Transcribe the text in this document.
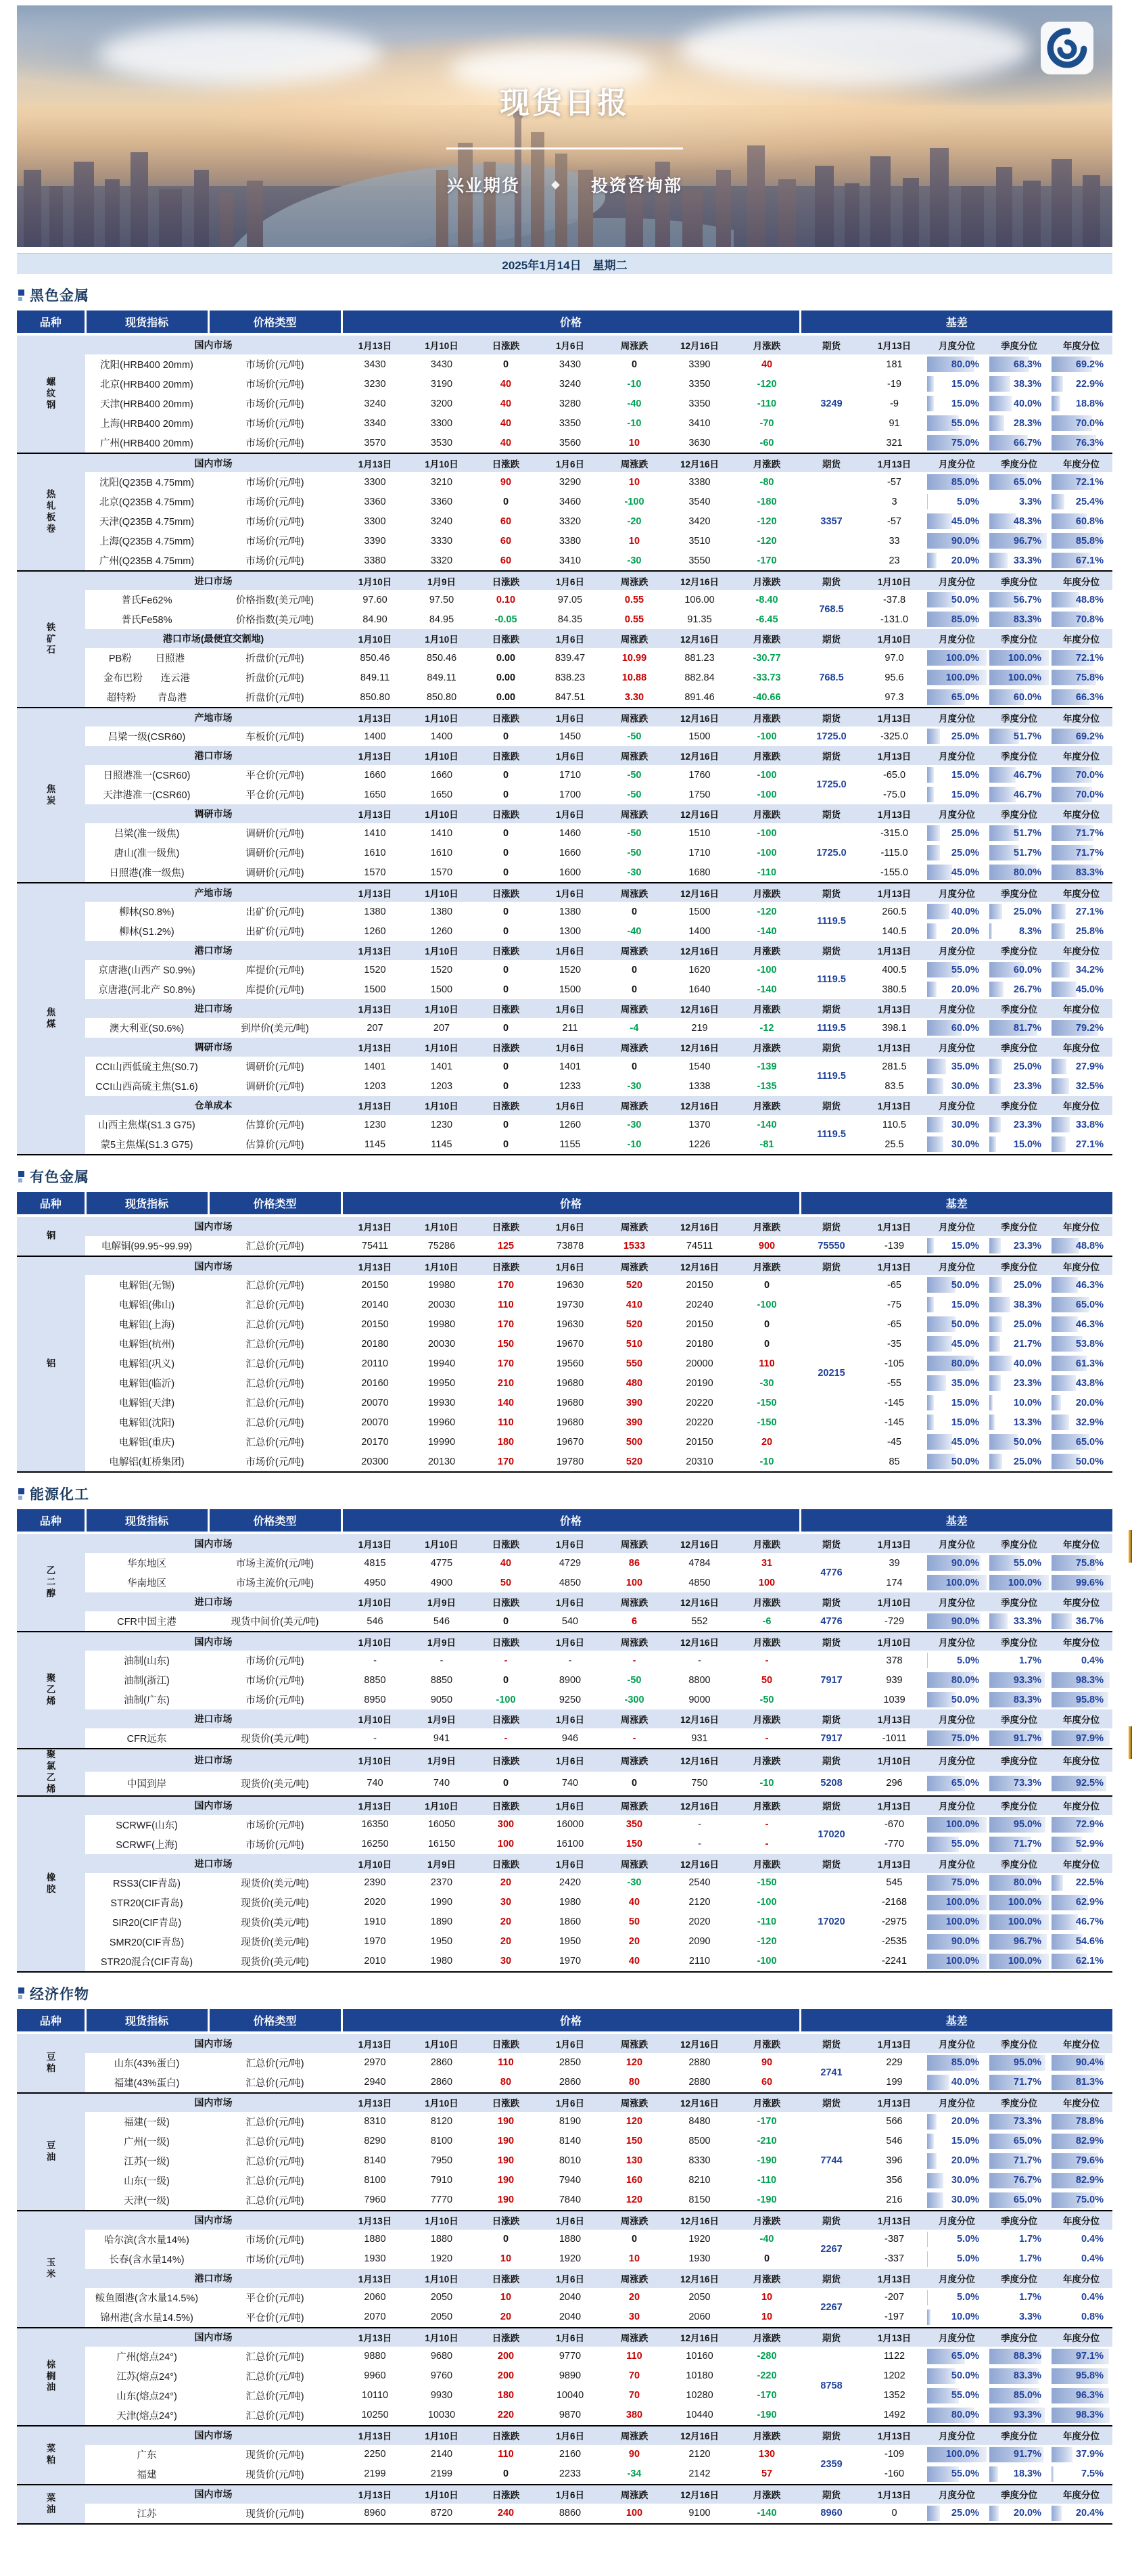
现货日报
兴业期货	投资咨询部
2025年1月14日　星期二
黑色金属
品种	现货指标	价格类型	价格							基差				

螺
纹
钢	国内市场		1月13日	1月10日	日涨跌	1月6日	周涨跌	12月16日	月涨跌	期货	1月13日	月度分位	季度分位	年度分位
	沈阳(HRB400 20mm)	市场价(元/吨)	3430	3430	0	3430	0	3390	40	3249	181	80.0%	68.3%	69.2%

	北京(HRB400 20mm)	市场价(元/吨)	3230	3190	40	3240	-10	3350	-120		-19	15.0%	38.3%	22.9%

	天津(HRB400 20mm)	市场价(元/吨)	3240	3200	40	3280	-40	3350	-110		-9	15.0%	40.0%	18.8%

	上海(HRB400 20mm)	市场价(元/吨)	3340	3300	40	3350	-10	3410	-70		91	55.0%	28.3%	70.0%

	广州(HRB400 20mm)	市场价(元/吨)	3570	3530	40	3560	10	3630	-60		321	75.0%	66.7%	76.3%

热
轧
板
卷	国内市场		1月13日	1月10日	日涨跌	1月6日	周涨跌	12月16日	月涨跌	期货	1月13日	月度分位	季度分位	年度分位
	沈阳(Q235B 4.75mm)	市场价(元/吨)	3300	3210	90	3290	10	3380	-80	3357	-57	85.0%	65.0%	72.1%

	北京(Q235B 4.75mm)	市场价(元/吨)	3360	3360	0	3460	-100	3540	-180		3	5.0%	3.3%	25.4%

	天津(Q235B 4.75mm)	市场价(元/吨)	3300	3240	60	3320	-20	3420	-120		-57	45.0%	48.3%	60.8%

	上海(Q235B 4.75mm)	市场价(元/吨)	3390	3330	60	3380	10	3510	-120		33	90.0%	96.7%	85.8%

	广州(Q235B 4.75mm)	市场价(元/吨)	3380	3320	60	3410	-30	3550	-170		23	20.0%	33.3%	67.1%

铁
矿
石	进口市场		1月10日	1月9日	日涨跌	1月6日	周涨跌	12月16日	月涨跌	期货	1月10日	月度分位	季度分位	年度分位
	普氏Fe62%	价格指数(美元/吨)	97.60	97.50	0.10	97.05	0.55	106.00	-8.40	768.5	-37.8	50.0%	56.7%	48.8%

	普氏Fe58%	价格指数(美元/吨)	84.90	84.95	-0.05	84.35	0.55	91.35	-6.45		-131.0	85.0%	83.3%	70.8%

	港口市场(最便宜交割地)		1月10日	1月10日	日涨跌	1月6日	周涨跌	12月16日	月涨跌	期货	1月10日	月度分位	季度分位	年度分位

	PB粉 日照港	折盘价(元/吨)	850.46	850.46	0.00	839.47	10.99	881.23	-30.77	768.5	97.0	100.0%	100.0%	72.1%

	金布巴粉 连云港	折盘价(元/吨)	849.11	849.11	0.00	838.23	10.88	882.84	-33.73		95.6	100.0%	100.0%	75.8%

	超特粉 青岛港	折盘价(元/吨)	850.80	850.80	0.00	847.51	3.30	891.46	-40.66		97.3	65.0%	60.0%	66.3%

焦
炭	产地市场		1月13日	1月10日	日涨跌	1月6日	周涨跌	12月16日	月涨跌	期货	1月13日	月度分位	季度分位	年度分位
	吕梁一级(CSR60)	车板价(元/吨)	1400	1400	0	1450	-50	1500	-100	1725.0	-325.0	25.0%	51.7%	69.2%

	港口市场		1月13日	1月10日	日涨跌	1月6日	周涨跌	12月16日	月涨跌	期货	1月13日	月度分位	季度分位	年度分位
	日照港准一(CSR60)	平仓价(元/吨)	1660	1660	0	1710	-50	1760	-100	1725.0	-65.0	15.0%	46.7%	70.0%

	天津港准一(CSR60)	平仓价(元/吨)	1650	1650	0	1700	-50	1750	-100		-75.0	15.0%	46.7%	70.0%

	调研市场		1月13日	1月10日	日涨跌	1月6日	周涨跌	12月16日	月涨跌	期货	1月13日	月度分位	季度分位	年度分位
	吕梁(准一级焦)	调研价(元/吨)	1410	1410	0	1460	-50	1510	-100	1725.0	-315.0	25.0%	51.7%	71.7%

	唐山(准一级焦)	调研价(元/吨)	1610	1610	0	1660	-50	1710	-100		-115.0	25.0%	51.7%	71.7%

	日照港(准一级焦)	调研价(元/吨)	1570	1570	0	1600	-30	1680	-110		-155.0	45.0%	80.0%	83.3%

焦
煤	产地市场		1月13日	1月10日	日涨跌	1月6日	周涨跌	12月16日	月涨跌	期货	1月13日	月度分位	季度分位	年度分位
	柳林(S0.8%)	出矿价(元/吨)	1380	1380	0	1380	0	1500	-120	1119.5	260.5	40.0%	25.0%	27.1%

	柳林(S1.2%)	出矿价(元/吨)	1260	1260	0	1300	-40	1400	-140		140.5	20.0%	8.3%	25.8%

	港口市场		1月13日	1月10日	日涨跌	1月6日	周涨跌	12月16日	月涨跌	期货	1月13日	月度分位	季度分位	年度分位
	京唐港(山西产 S0.9%)	库提价(元/吨)	1520	1520	0	1520	0	1620	-100	1119.5	400.5	55.0%	60.0%	34.2%

	京唐港(河北产 S0.8%)	库提价(元/吨)	1500	1500	0	1500	0	1640	-140		380.5	20.0%	26.7%	45.0%

	进口市场		1月13日	1月10日	日涨跌	1月6日	周涨跌	12月16日	月涨跌	期货	1月13日	月度分位	季度分位	年度分位
	澳大利亚(S0.6%)	到岸价(美元/吨)	207	207	0	211	-4	219	-12	1119.5	398.1	60.0%	81.7%	79.2%

	调研市场		1月13日	1月10日	日涨跌	1月6日	周涨跌	12月16日	月涨跌	期货	1月13日	月度分位	季度分位	年度分位
	CCI山西低硫主焦(S0.7)	调研价(元/吨)	1401	1401	0	1401	0	1540	-139	1119.5	281.5	35.0%	25.0%	27.9%

	CCI山西高硫主焦(S1.6)	调研价(元/吨)	1203	1203	0	1233	-30	1338	-135		83.5	30.0%	23.3%	32.5%

	仓单成本		1月13日	1月10日	日涨跌	1月6日	周涨跌	12月16日	月涨跌	期货	1月13日	月度分位	季度分位	年度分位
	山西主焦煤(S1.3 G75)	估算价(元/吨)	1230	1230	0	1260	-30	1370	-140	1119.5	110.5	30.0%	23.3%	33.8%

	蒙5主焦煤(S1.3 G75)	估算价(元/吨)	1145	1145	0	1155	-10	1226	-81		25.5	30.0%	15.0%	27.1%
有色金属
品种	现货指标	价格类型	价格							基差				

铜	国内市场		1月13日	1月10日	日涨跌	1月6日	周涨跌	12月16日	月涨跌	期货	1月13日	月度分位	季度分位	年度分位
	电解铜(99.95~99.99)	汇总价(元/吨)	75411	75286	125	73878	1533	74511	900	75550	-139	15.0%	23.3%	48.8%

铝	国内市场		1月13日	1月10日	日涨跌	1月6日	周涨跌	12月16日	月涨跌	期货	1月13日	月度分位	季度分位	年度分位
	电解铝(无锡)	汇总价(元/吨)	20150	19980	170	19630	520	20150	0	20215	-65	50.0%	25.0%	46.3%

	电解铝(佛山)	汇总价(元/吨)	20140	20030	110	19730	410	20240	-100		-75	15.0%	38.3%	65.0%

	电解铝(上海)	汇总价(元/吨)	20150	19980	170	19630	520	20150	0		-65	50.0%	25.0%	46.3%

	电解铝(杭州)	汇总价(元/吨)	20180	20030	150	19670	510	20180	0		-35	45.0%	21.7%	53.8%

	电解铝(巩义)	汇总价(元/吨)	20110	19940	170	19560	550	20000	110		-105	80.0%	40.0%	61.3%

	电解铝(临沂)	汇总价(元/吨)	20160	19950	210	19680	480	20190	-30		-55	35.0%	23.3%	43.8%

	电解铝(天津)	汇总价(元/吨)	20070	19930	140	19680	390	20220	-150		-145	15.0%	10.0%	20.0%

	电解铝(沈阳)	汇总价(元/吨)	20070	19960	110	19680	390	20220	-150		-145	15.0%	13.3%	32.9%

	电解铝(重庆)	汇总价(元/吨)	20170	19990	180	19670	500	20150	20		-45	45.0%	50.0%	65.0%

	电解铝(虹桥集团)	市场价(元/吨)	20300	20130	170	19780	520	20310	-10		85	50.0%	25.0%	50.0%
能源化工
品种	现货指标	价格类型	价格							基差				

乙
二
醇	国内市场		1月13日	1月10日	日涨跌	1月6日	周涨跌	12月16日	月涨跌	期货	1月13日	月度分位	季度分位	年度分位
	华东地区	市场主流价(元/吨)	4815	4775	40	4729	86	4784	31	4776	39	90.0%	55.0%	75.8%

	华南地区	市场主流价(元/吨)	4950	4900	50	4850	100	4850	100		174	100.0%	100.0%	99.6%

	进口市场		1月10日	1月9日	日涨跌	1月6日	周涨跌	12月16日	月涨跌	期货	1月10日	月度分位	季度分位	年度分位
	CFR中国主港	现货中间价(美元/吨)	546	546	0	540	6	552	-6	4776	-729	90.0%	33.3%	36.7%

聚
乙
烯	国内市场		1月10日	1月9日	日涨跌	1月6日	周涨跌	12月16日	月涨跌	期货	1月10日	月度分位	季度分位	年度分位
	油制(山东)	市场价(元/吨)	-	-	-	-	-	-	-	7917	378	5.0%	1.7%	0.4%

	油制(浙江)	市场价(元/吨)	8850	8850	0	8900	-50	8800	50		939	80.0%	93.3%	98.3%

	油制(广东)	市场价(元/吨)	8950	9050	-100	9250	-300	9000	-50		1039	50.0%	83.3%	95.8%

	进口市场		1月10日	1月9日	日涨跌	1月6日	周涨跌	12月16日	月涨跌	期货	1月13日	月度分位	季度分位	年度分位
	CFR远东	现货价(美元/吨)	-	941	-	946	-	931	-	7917	-1011	75.0%	91.7%	97.9%

聚
氯
乙
烯	进口市场		1月10日	1月9日	日涨跌	1月6日	周涨跌	12月16日	月涨跌	期货	1月10日	月度分位	季度分位	年度分位
	中国到岸	现货价(美元/吨)	740	740	0	740	0	750	-10	5208	296	65.0%	73.3%	92.5%

橡
胶	国内市场		1月13日	1月10日	日涨跌	1月6日	周涨跌	12月16日	月涨跌	期货	1月13日	月度分位	季度分位	年度分位
	SCRWF(山东)	市场价(元/吨)	16350	16050	300	16000	350	-	-	17020	-670	100.0%	95.0%	72.9%

	SCRWF(上海)	市场价(元/吨)	16250	16150	100	16100	150	-	-		-770	55.0%	71.7%	52.9%

	进口市场		1月10日	1月9日	日涨跌	1月6日	周涨跌	12月16日	月涨跌	期货	1月13日	月度分位	季度分位	年度分位
	RSS3(CIF青岛)	现货价(美元/吨)	2390	2370	20	2420	-30	2540	-150	17020	545	75.0%	80.0%	22.5%

	STR20(CIF青岛)	现货价(美元/吨)	2020	1990	30	1980	40	2120	-100		-2168	100.0%	100.0%	62.9%

	SIR20(CIF青岛)	现货价(美元/吨)	1910	1890	20	1860	50	2020	-110		-2975	100.0%	100.0%	46.7%

	SMR20(CIF青岛)	现货价(美元/吨)	1970	1950	20	1950	20	2090	-120		-2535	90.0%	96.7%	54.6%

	STR20混合(CIF青岛)	现货价(美元/吨)	2010	1980	30	1970	40	2110	-100		-2241	100.0%	100.0%	62.1%
经济作物
品种	现货指标	价格类型	价格							基差				

豆
粕	国内市场		1月13日	1月10日	日涨跌	1月6日	周涨跌	12月16日	月涨跌	期货	1月13日	月度分位	季度分位	年度分位
	山东(43%蛋白)	汇总价(元/吨)	2970	2860	110	2850	120	2880	90	2741	229	85.0%	95.0%	90.4%

	福建(43%蛋白)	汇总价(元/吨)	2940	2860	80	2860	80	2880	60		199	40.0%	71.7%	81.3%

豆
油	国内市场		1月13日	1月10日	日涨跌	1月6日	周涨跌	12月16日	月涨跌	期货	1月13日	月度分位	季度分位	年度分位
	福建(一级)	汇总价(元/吨)	8310	8120	190	8190	120	8480	-170	7744	566	20.0%	73.3%	78.8%

	广州(一级)	汇总价(元/吨)	8290	8100	190	8140	150	8500	-210		546	15.0%	65.0%	82.9%

	江苏(一级)	汇总价(元/吨)	8140	7950	190	8010	130	8330	-190		396	20.0%	71.7%	79.6%

	山东(一级)	汇总价(元/吨)	8100	7910	190	7940	160	8210	-110		356	30.0%	76.7%	82.9%

	天津(一级)	汇总价(元/吨)	7960	7770	190	7840	120	8150	-190		216	30.0%	65.0%	75.0%

玉
米	国内市场		1月13日	1月10日	日涨跌	1月6日	周涨跌	12月16日	月涨跌	期货	1月13日	月度分位	季度分位	年度分位
	哈尔滨(含水量14%)	市场价(元/吨)	1880	1880	0	1880	0	1920	-40	2267	-387	5.0%	1.7%	0.4%

	长春(含水量14%)	市场价(元/吨)	1930	1920	10	1920	10	1930	0		-337	5.0%	1.7%	0.4%

	港口市场		1月13日	1月10日	日涨跌	1月6日	周涨跌	12月16日	月涨跌	期货	1月13日	月度分位	季度分位	年度分位
	鲅鱼圈港(含水量14.5%)	平仓价(元/吨)	2060	2050	10	2040	20	2050	10	2267	-207	5.0%	1.7%	0.4%

	锦州港(含水量14.5%)	平仓价(元/吨)	2070	2050	20	2040	30	2060	10		-197	10.0%	3.3%	0.8%

棕
榈
油	国内市场		1月13日	1月10日	日涨跌	1月6日	周涨跌	12月16日	月涨跌	期货	1月13日	月度分位	季度分位	年度分位
	广州(熔点24°)	汇总价(元/吨)	9880	9680	200	9770	110	10160	-280	8758	1122	65.0%	88.3%	97.1%

	江苏(熔点24°)	汇总价(元/吨)	9960	9760	200	9890	70	10180	-220		1202	50.0%	83.3%	95.8%

	山东(熔点24°)	汇总价(元/吨)	10110	9930	180	10040	70	10280	-170		1352	55.0%	85.0%	96.3%

	天津(熔点24°)	汇总价(元/吨)	10250	10030	220	9870	380	10440	-190		1492	80.0%	93.3%	98.3%

菜
粕	国内市场		1月13日	1月10日	日涨跌	1月6日	周涨跌	12月16日	月涨跌	期货	1月13日	月度分位	季度分位	年度分位
	广东	现货价(元/吨)	2250	2140	110	2160	90	2120	130	2359	-109	100.0%	91.7%	37.9%

	福建	现货价(元/吨)	2199	2199	0	2233	-34	2142	57		-160	55.0%	18.3%	7.5%

菜
油	国内市场		1月13日	1月10日	日涨跌	1月6日	周涨跌	12月16日	月涨跌	期货	1月13日	月度分位	季度分位	年度分位
	江苏	现货价(元/吨)	8960	8720	240	8860	100	9100	-140	8960	0	25.0%	20.0%	20.4%
